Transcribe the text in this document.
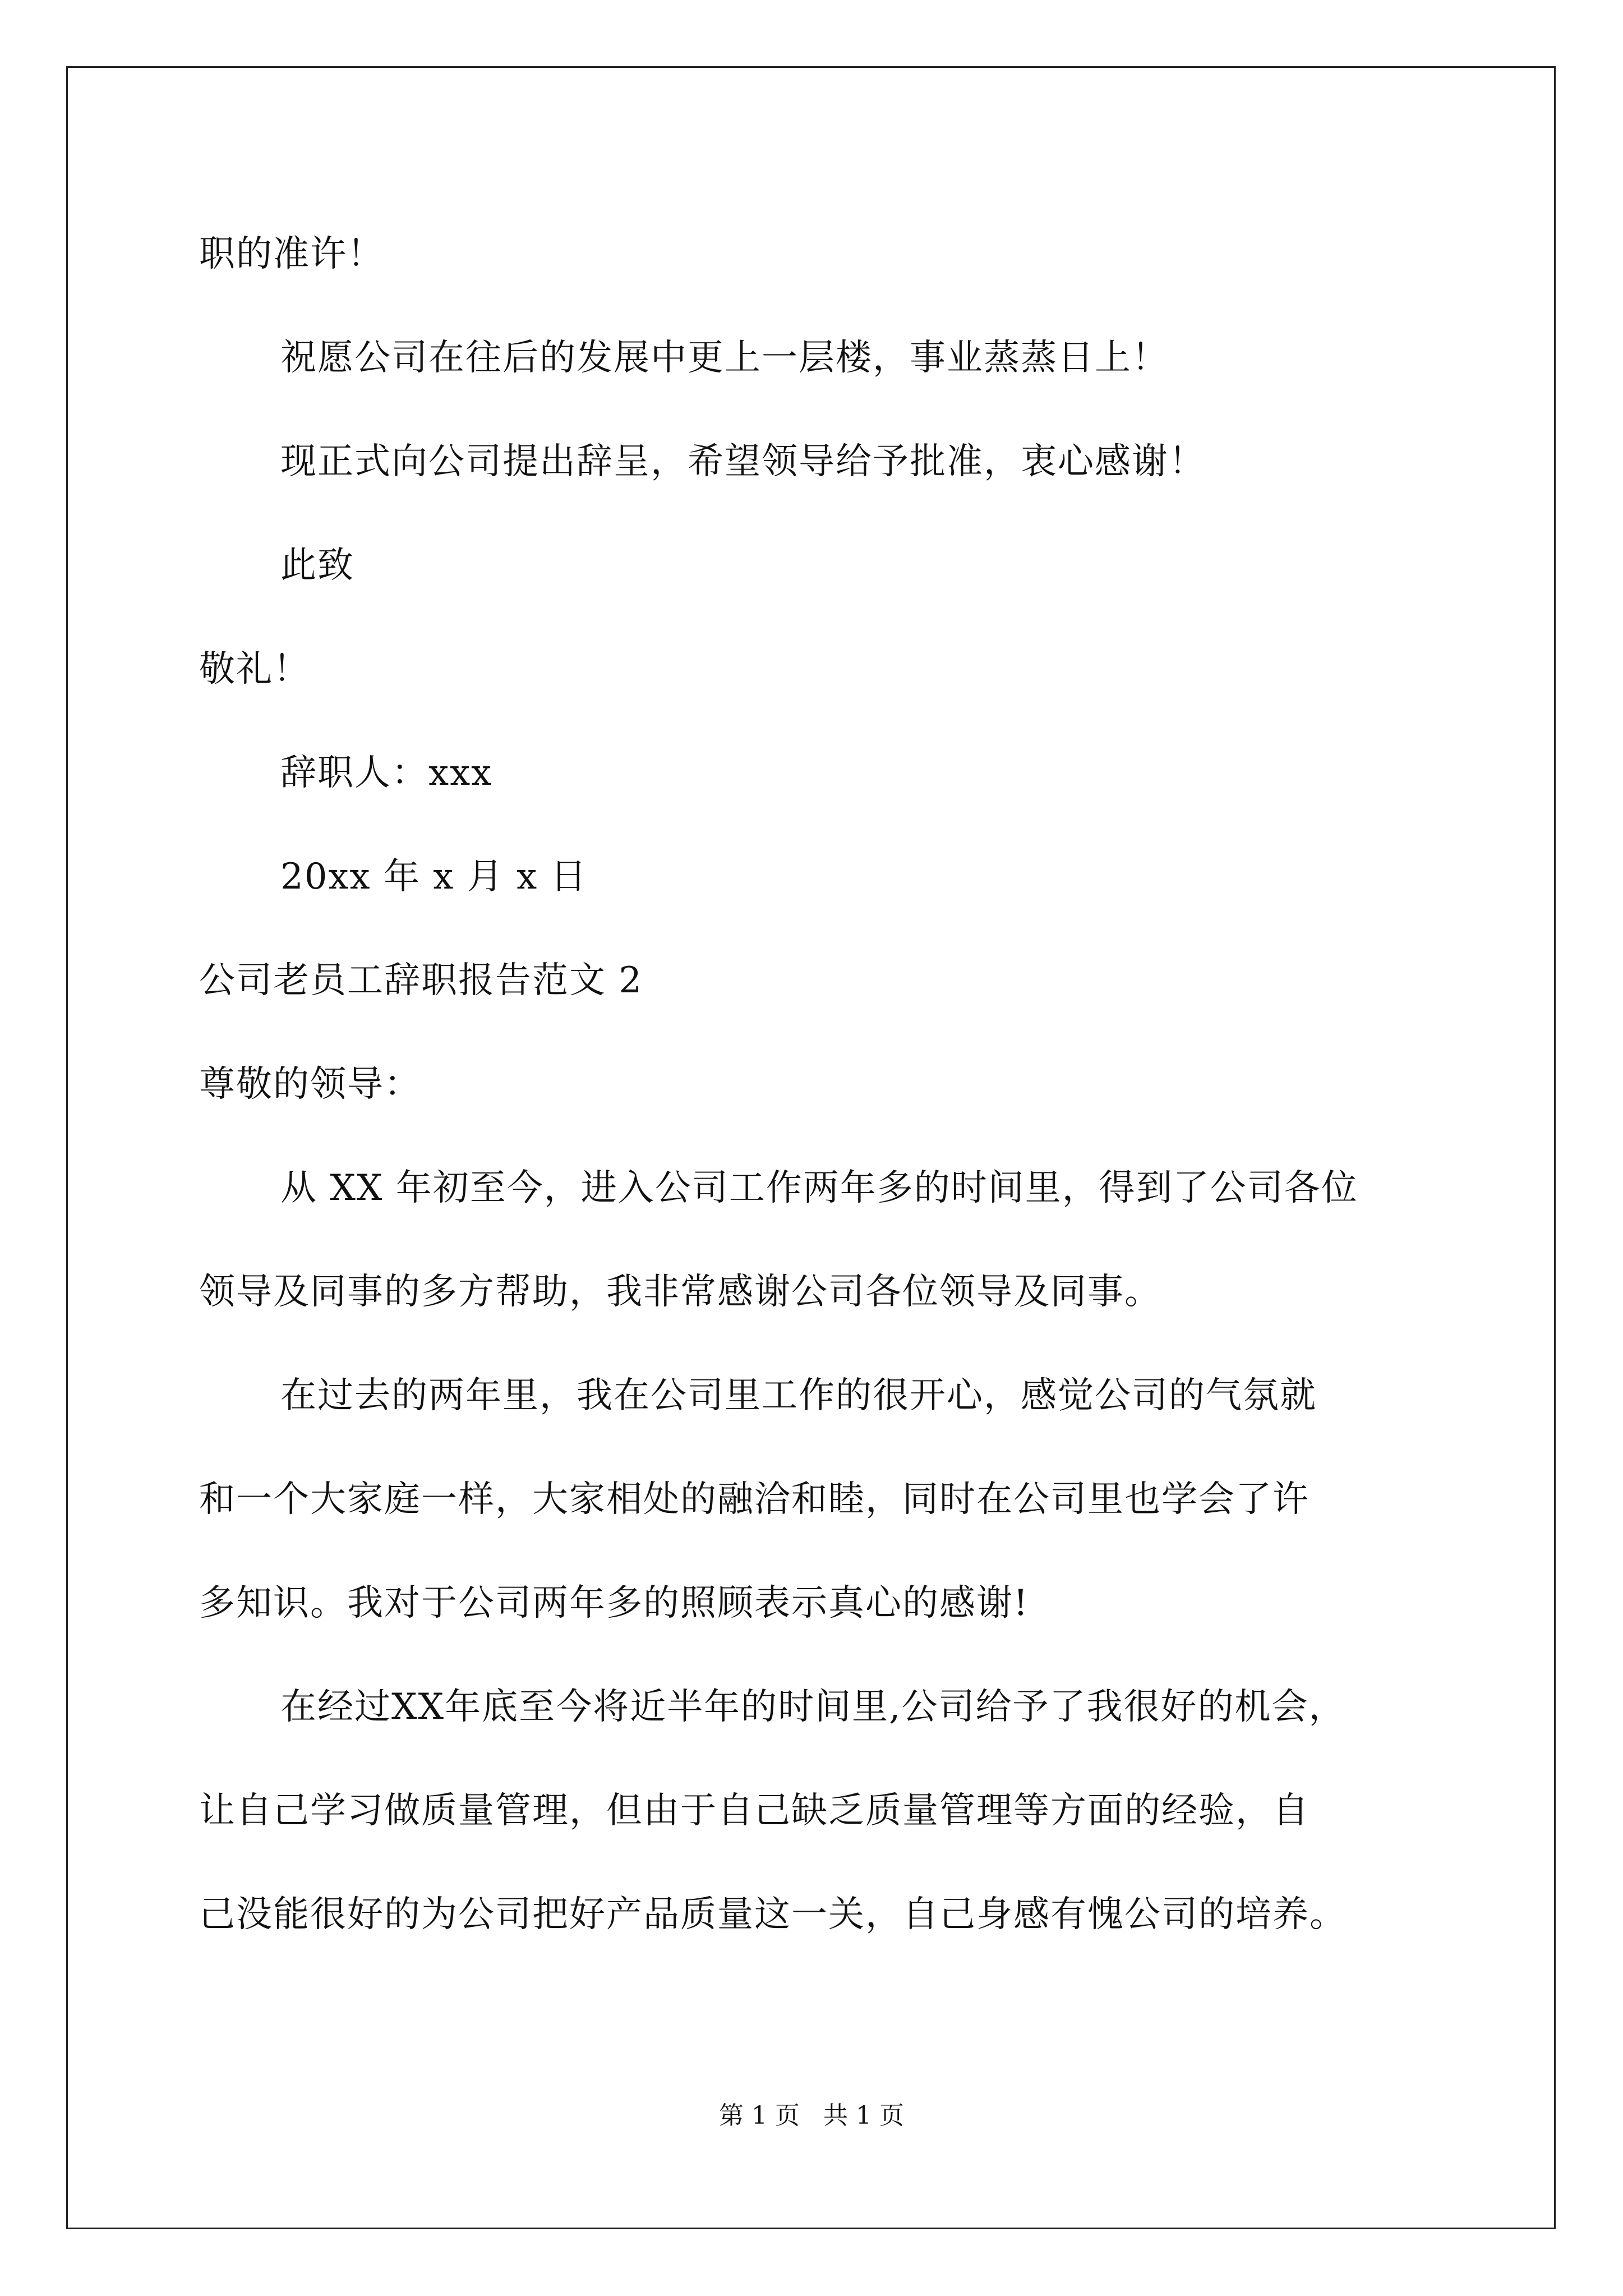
职的准许！
祝愿公司在往后的发展中更上一层楼，事业蒸蒸日上！
现正式向公司提出辞呈，希望领导给予批准，衷心感谢！
此致
敬礼！
辞职人：xxx
20xx 年 x 月 x 日
公司老员工辞职报告范文 2
尊敬的领导：
从 XX 年初至今，进入公司工作两年多的时间里，得到了公司各位
领导及同事的多方帮助，我非常感谢公司各位领导及同事。
在过去的两年里，我在公司里工作的很开心，感觉公司的气氛就
和一个大家庭一样，大家相处的融洽和睦，同时在公司里也学会了许
多知识。我对于公司两年多的照顾表示真心的感谢!
在经过XX年底至今将近半年的时间里,公司给予了我很好的机会，
让自己学习做质量管理，但由于自己缺乏质量管理等方面的经验，自
己没能很好的为公司把好产品质量这一关，自己身感有愧公司的培养。
第 1 页   共 1 页
